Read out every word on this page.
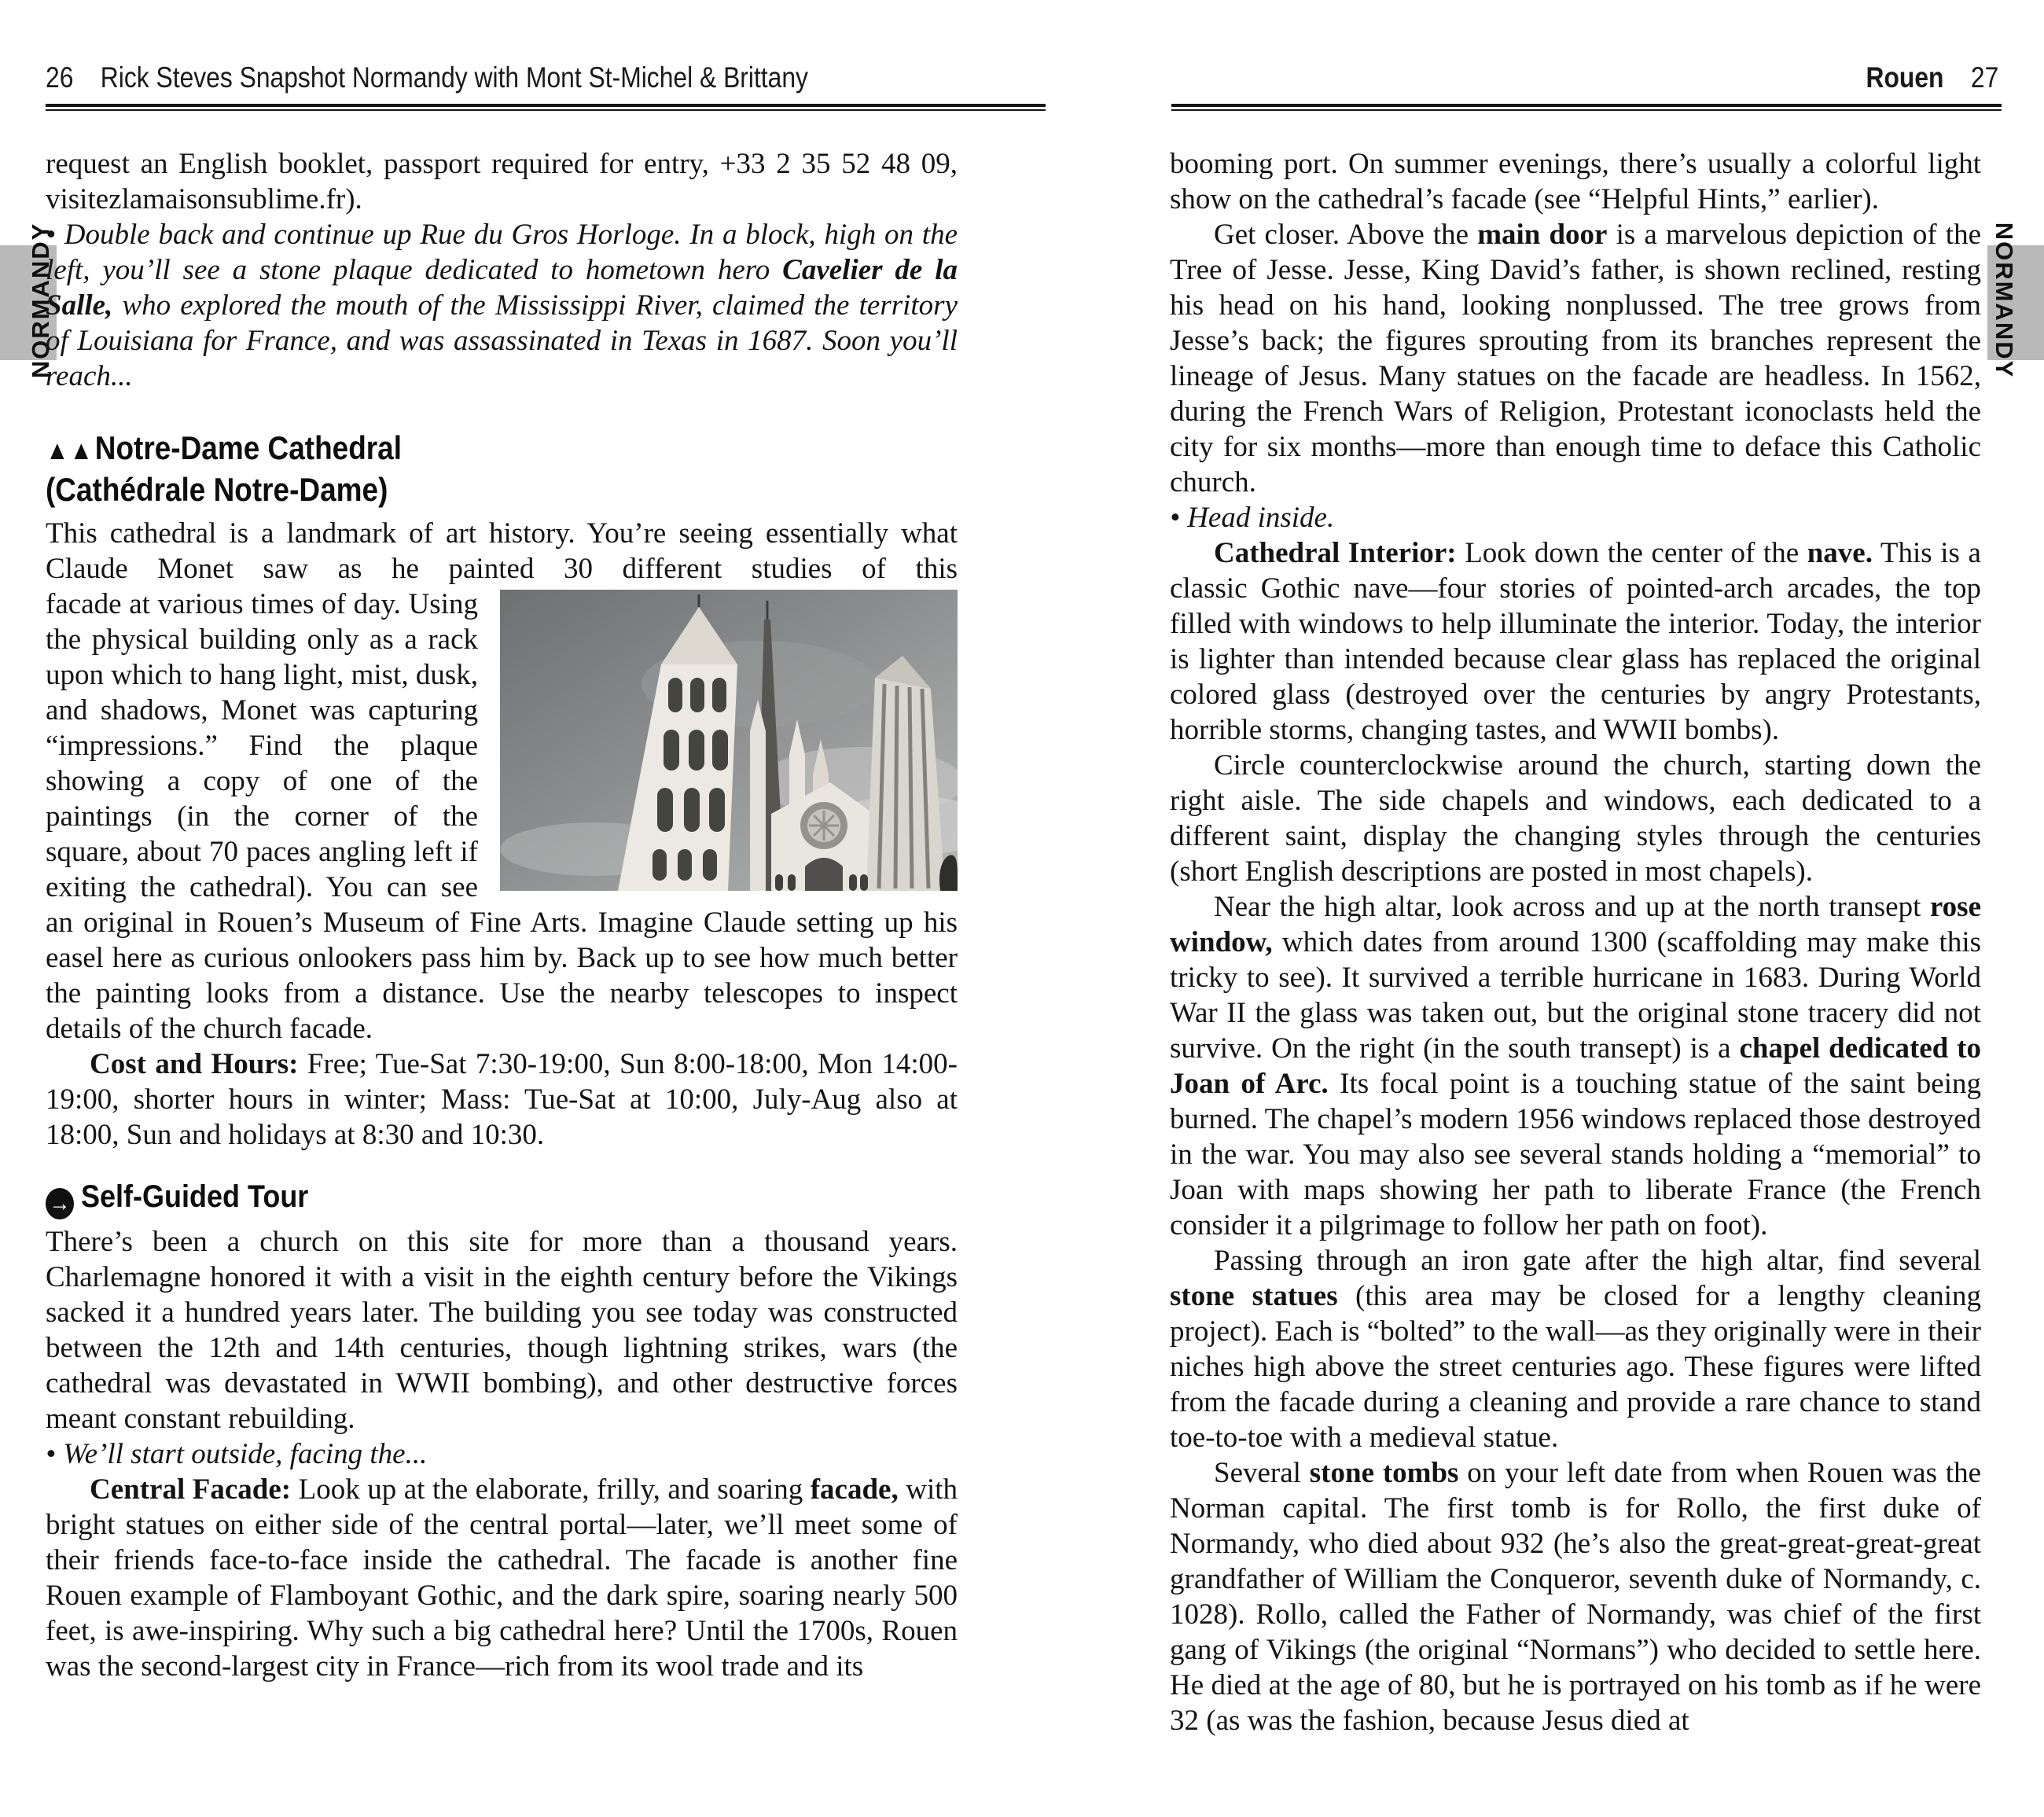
26 Rick Steves Snapshot Normandy with Mont St-Michel & Brittany
NORMANDY

request an English booklet, passport required for entry, +33 2 35 52 48 09, visitezlamaisonsublime.fr).

• Double back and continue up Rue du Gros Horloge. In a block, high on the left, you’ll see a stone plaque dedicated to hometown hero Cavelier de la Salle, who explored the mouth of the Mississippi River, claimed the territory of Louisiana for France, and was assassinated in Texas in 1687. Soon you’ll reach...

▲▲Notre-Dame Cathedral
(Cathédrale Notre-Dame)

This cathedral is a landmark of art history. You’re seeing essentially what Claude Monet saw as he painted 30 different studies of this

facade at various times of day. Using the physical building only as a rack upon which to hang light, mist, dusk, and shadows, Monet was capturing “impressions.” Find the plaque showing a copy of one of the paintings (in the corner of the square, about 70 paces angling left if exiting the cathedral). You can see an original in Rouen’s Museum of Fine Arts. Imagine Claude setting up his easel here as curious onlookers pass him by. Back up to see how much better the painting looks from a distance. Use the nearby telescopes to inspect details of the church facade.

Cost and Hours: Free; Tue-Sat 7:30-19:00, Sun 8:00-18:00, Mon 14:00-19:00, shorter hours in winter; Mass: Tue-Sat at 10:00, July-Aug also at 18:00, Sun and holidays at 8:30 and 10:30.

→ Self-Guided Tour

There’s been a church on this site for more than a thousand years. Charlemagne honored it with a visit in the eighth century before the Vikings sacked it a hundred years later. The building you see today was constructed between the 12th and 14th centuries, though lightning strikes, wars (the cathedral was devastated in WWII bombing), and other destructive forces meant constant rebuilding.

• We’ll start outside, facing the...

Central Facade: Look up at the elaborate, frilly, and soaring facade, with bright statues on either side of the central portal—later, we’ll meet some of their friends face-to-face inside the cathedral. The facade is another fine Rouen example of Flamboyant Gothic, and the dark spire, soaring nearly 500 feet, is awe-inspiring. Why such a big cathedral here? Until the 1700s, Rouen was the second-largest city in France—rich from its wool trade and its

Rouen 27
NORMANDY

booming port. On summer evenings, there’s usually a colorful light show on the cathedral’s facade (see “Helpful Hints,” earlier).

Get closer. Above the main door is a marvelous depiction of the Tree of Jesse. Jesse, King David’s father, is shown reclined, resting his head on his hand, looking nonplussed. The tree grows from Jesse’s back; the figures sprouting from its branches represent the lineage of Jesus. Many statues on the facade are headless. In 1562, during the French Wars of Religion, Protestant iconoclasts held the city for six months—more than enough time to deface this Catholic church.

• Head inside.

Cathedral Interior: Look down the center of the nave. This is a classic Gothic nave—four stories of pointed-arch arcades, the top filled with windows to help illuminate the interior. Today, the interior is lighter than intended because clear glass has replaced the original colored glass (destroyed over the centuries by angry Protestants, horrible storms, changing tastes, and WWII bombs).

Circle counterclockwise around the church, starting down the right aisle. The side chapels and windows, each dedicated to a different saint, display the changing styles through the centuries (short English descriptions are posted in most chapels).

Near the high altar, look across and up at the north transept rose window, which dates from around 1300 (scaffolding may make this tricky to see). It survived a terrible hurricane in 1683. During World War II the glass was taken out, but the original stone tracery did not survive. On the right (in the south transept) is a chapel dedicated to Joan of Arc. Its focal point is a touching statue of the saint being burned. The chapel’s modern 1956 windows replaced those destroyed in the war. You may also see several stands holding a “memorial” to Joan with maps showing her path to liberate France (the French consider it a pilgrimage to follow her path on foot).

Passing through an iron gate after the high altar, find several stone statues (this area may be closed for a lengthy cleaning project). Each is “bolted” to the wall—as they originally were in their niches high above the street centuries ago. These figures were lifted from the facade during a cleaning and provide a rare chance to stand toe-to-toe with a medieval statue.

Several stone tombs on your left date from when Rouen was the Norman capital. The first tomb is for Rollo, the first duke of Normandy, who died about 932 (he’s also the great-great-great-great grandfather of William the Conqueror, seventh duke of Normandy, c. 1028). Rollo, called the Father of Normandy, was chief of the first gang of Vikings (the original “Normans”) who decided to settle here. He died at the age of 80, but he is portrayed on his tomb as if he were 32 (as was the fashion, because Jesus died at
